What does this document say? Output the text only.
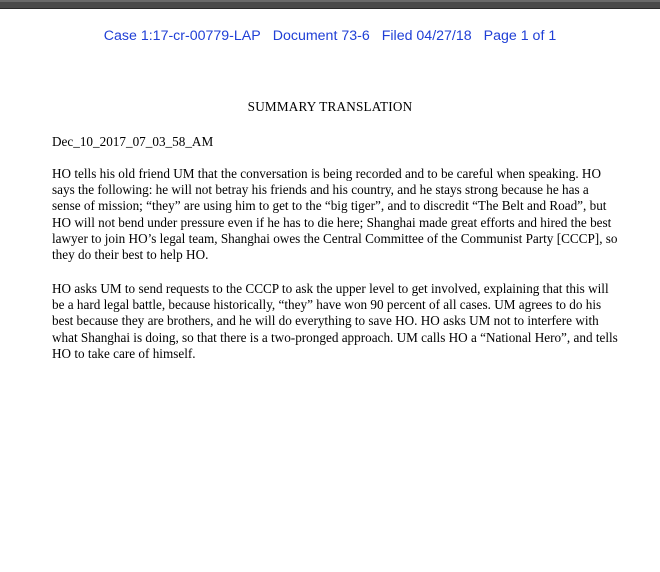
Case 1:17-cr-00779-LAP Document 73-6 Filed 04/27/18 Page 1 of 1
SUMMARY TRANSLATION
Dec_10_2017_07_03_58_AM

HO tells his old friend UM that the conversation is being recorded and to be careful when speaking. HO says the following: he will not betray his friends and his country, and he stays strong because he has a sense of mission; “they” are using him to get to the “big tiger”, and to discredit “The Belt and Road”, but HO will not bend under pressure even if he has to die here; Shanghai made great efforts and hired the best lawyer to join HO’s legal team, Shanghai owes the Central Committee of the Communist Party [CCCP], so they do their best to help HO.

HO asks UM to send requests to the CCCP to ask the upper level to get involved, explaining that this will be a hard legal battle, because historically, “they” have won 90 percent of all cases. UM agrees to do his best because they are brothers, and he will do everything to save HO. HO asks UM not to interfere with what Shanghai is doing, so that there is a two-pronged approach. UM calls HO a “National Hero”, and tells HO to take care of himself.
